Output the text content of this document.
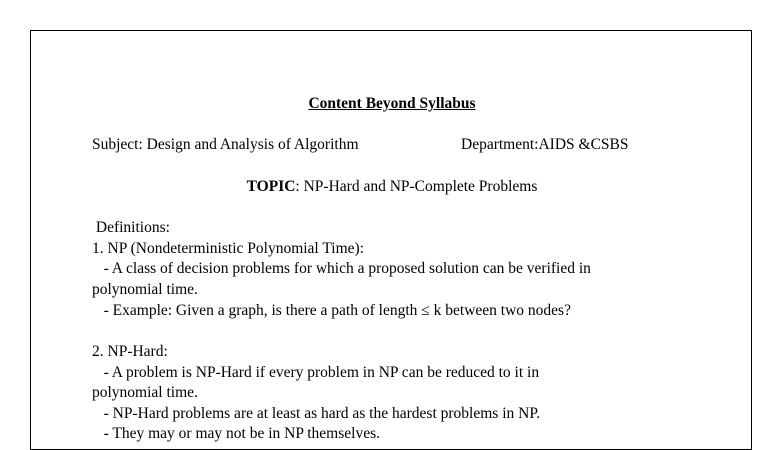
Content Beyond Syllabus

Subject: Design and Analysis of Algorithm	Department:AIDS &CSBS

TOPIC: NP-Hard and NP-Complete Problems

Definitions:

1. NP (Nondeterministic Polynomial Time):

- A class of decision problems for which a proposed solution can be verified in

polynomial time.

- Example: Given a graph, is there a path of length ≤ k between two nodes?

2. NP-Hard:

- A problem is NP-Hard if every problem in NP can be reduced to it in

polynomial time.

- NP-Hard problems are at least as hard as the hardest problems in NP.

- They may or may not be in NP themselves.
